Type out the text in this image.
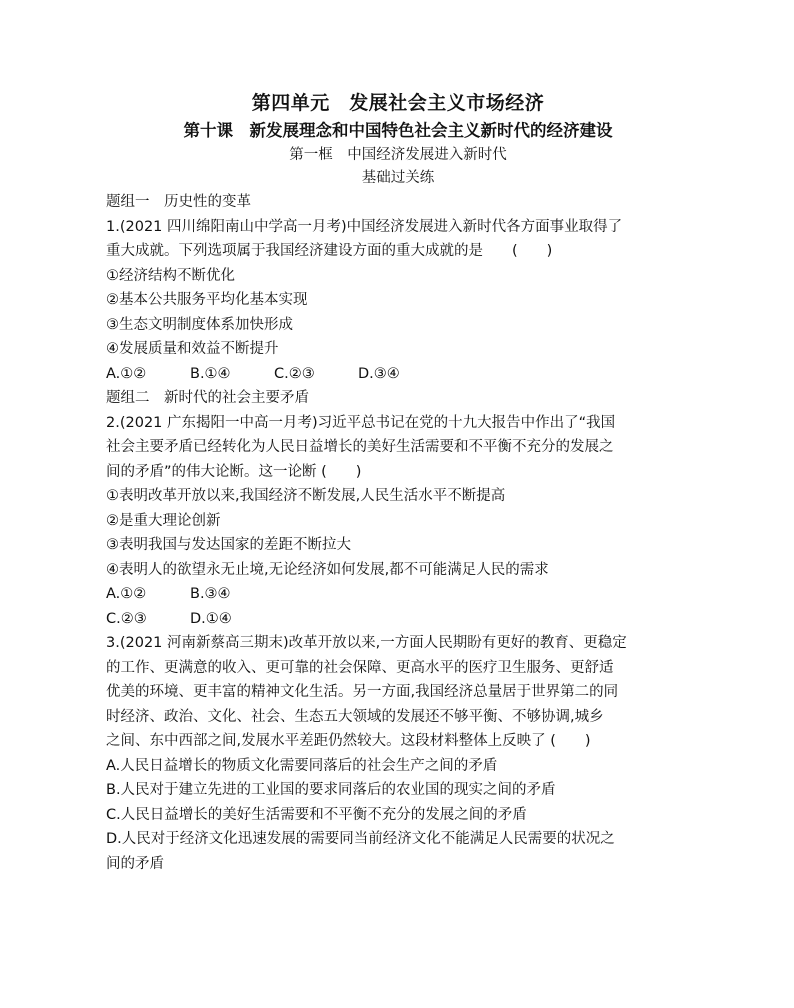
第四单元　发展社会主义市场经济
第十课　新发展理念和中国特色社会主义新时代的经济建设
第一框　中国经济发展进入新时代
基础过关练
题组一　历史性的变革
1.(2021 四川绵阳南山中学高一月考)中国经济发展进入新时代各方面事业取得了
重大成就。下列选项属于我国经济建设方面的重大成就的是　　(　　)
①经济结构不断优化
②基本公共服务平均化基本实现
③生态文明制度体系加快形成
④发展质量和效益不断提升
A.①②	B.①④	C.②③	D.③④
题组二　新时代的社会主要矛盾
2.(2021 广东揭阳一中高一月考)习近平总书记在党的十九大报告中作出了“我国
社会主要矛盾已经转化为人民日益增长的美好生活需要和不平衡不充分的发展之
间的矛盾”的伟大论断。这一论断 (　　)
①表明改革开放以来,我国经济不断发展,人民生活水平不断提高
②是重大理论创新
③表明我国与发达国家的差距不断拉大
④表明人的欲望永无止境,无论经济如何发展,都不可能满足人民的需求
A.①②	B.③④
C.②③	D.①④
3.(2021 河南新蔡高三期末)改革开放以来,一方面人民期盼有更好的教育、更稳定
的工作、更满意的收入、更可靠的社会保障、更高水平的医疗卫生服务、更舒适
优美的环境、更丰富的精神文化生活。另一方面,我国经济总量居于世界第二的同
时经济、政治、文化、社会、生态五大领域的发展还不够平衡、不够协调,城乡
之间、东中西部之间,发展水平差距仍然较大。这段材料整体上反映了 (　　)
A.人民日益增长的物质文化需要同落后的社会生产之间的矛盾
B.人民对于建立先进的工业国的要求同落后的农业国的现实之间的矛盾
C.人民日益增长的美好生活需要和不平衡不充分的发展之间的矛盾
D.人民对于经济文化迅速发展的需要同当前经济文化不能满足人民需要的状况之
间的矛盾
